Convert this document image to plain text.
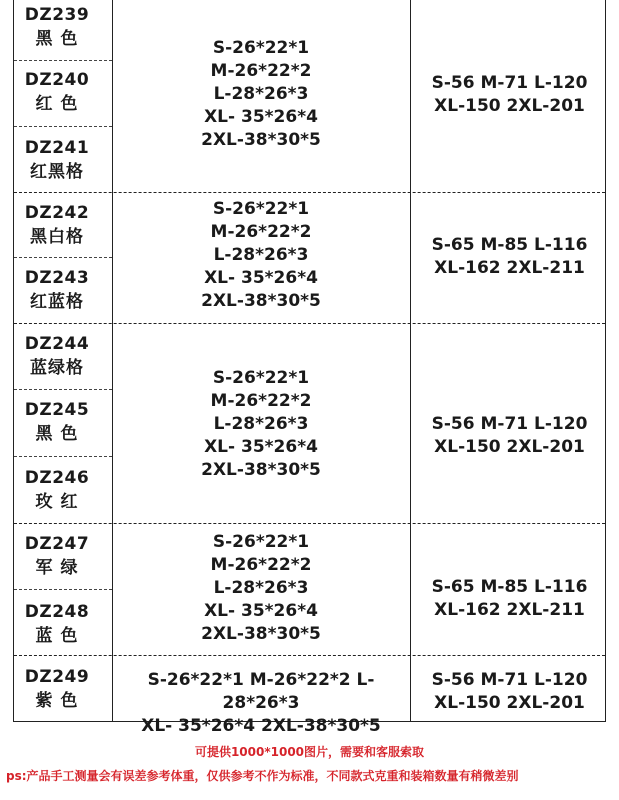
DZ239
黑 色
DZ240
红 色
DZ241
红黑格
DZ242
黑白格
DZ243
红蓝格
DZ244
蓝绿格
DZ245
黑 色
DZ246
玫 红
DZ247
军 绿
DZ248
蓝 色
DZ249
紫 色
S-26*22*1
M-26*22*2
L-28*26*3
XL- 35*26*4
2XL-38*30*5
S-26*22*1
M-26*22*2
L-28*26*3
XL- 35*26*4
2XL-38*30*5
S-26*22*1
M-26*22*2
L-28*26*3
XL- 35*26*4
2XL-38*30*5
S-26*22*1
M-26*22*2
L-28*26*3
XL- 35*26*4
2XL-38*30*5
S-26*22*1 M-26*22*2 L-28*26*3
XL- 35*26*4 2XL-38*30*5
S-56 M-71 L-120
XL-150 2XL-201
S-65 M-85 L-116
XL-162 2XL-211
S-56 M-71 L-120
XL-150 2XL-201
S-65 M-85 L-116
XL-162 2XL-211
S-56 M-71 L-120
XL-150 2XL-201
可提供1000*1000图片，需要和客服索取
ps:产品手工测量会有误差参考体重，仅供参考不作为标准，不同款式克重和装箱数量有稍微差别
